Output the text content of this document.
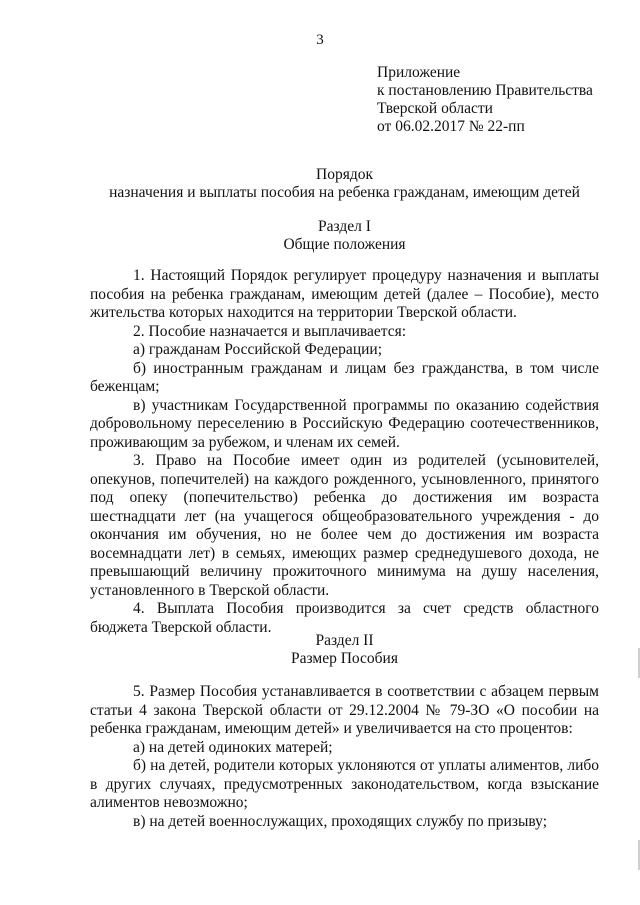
3
Приложение
к постановлению Правительства
Тверской области
от 06.02.2017 № 22-пп
Порядок
назначения и выплаты пособия на ребенка гражданам, имеющим детей
Раздел I
Общие положения

1. Настоящий Порядок регулирует процедуру назначения и выплаты пособия на ребенка гражданам, имеющим детей (далее – Пособие), место жительства которых находится на территории Тверской области.

2. Пособие назначается и выплачивается:

а) гражданам Российской Федерации;

б) иностранным гражданам и лицам без гражданства, в том числе беженцам;

в) участникам Государственной программы по оказанию содействия добровольному переселению в Российскую Федерацию соотечественников, проживающим за рубежом, и членам их семей.

3. Право на Пособие имеет один из родителей (усыновителей, опекунов, попечителей) на каждого рожденного, усыновленного, принятого под опеку (попечительство) ребенка до достижения им возраста шестнадцати лет (на учащегося общеобразовательного учреждения - до окончания им обучения, но не более чем до достижения им возраста восемнадцати лет) в семьях, имеющих размер среднедушевого дохода, не превышающий величину прожиточного минимума на душу населения, установленного в Тверской области.

4. Выплата Пособия производится за счет средств областного бюджета Тверской области.

Раздел II
Размер Пособия

5. Размер Пособия устанавливается в соответствии с абзацем первым статьи 4 закона Тверской области от 29.12.2004 № 79-ЗО «О пособии на ребенка гражданам, имеющим детей» и увеличивается на сто процентов:

а) на детей одиноких матерей;

б) на детей, родители которых уклоняются от уплаты алиментов, либо в других случаях, предусмотренных законодательством, когда взыскание алиментов невозможно;

в) на детей военнослужащих, проходящих службу по призыву;
